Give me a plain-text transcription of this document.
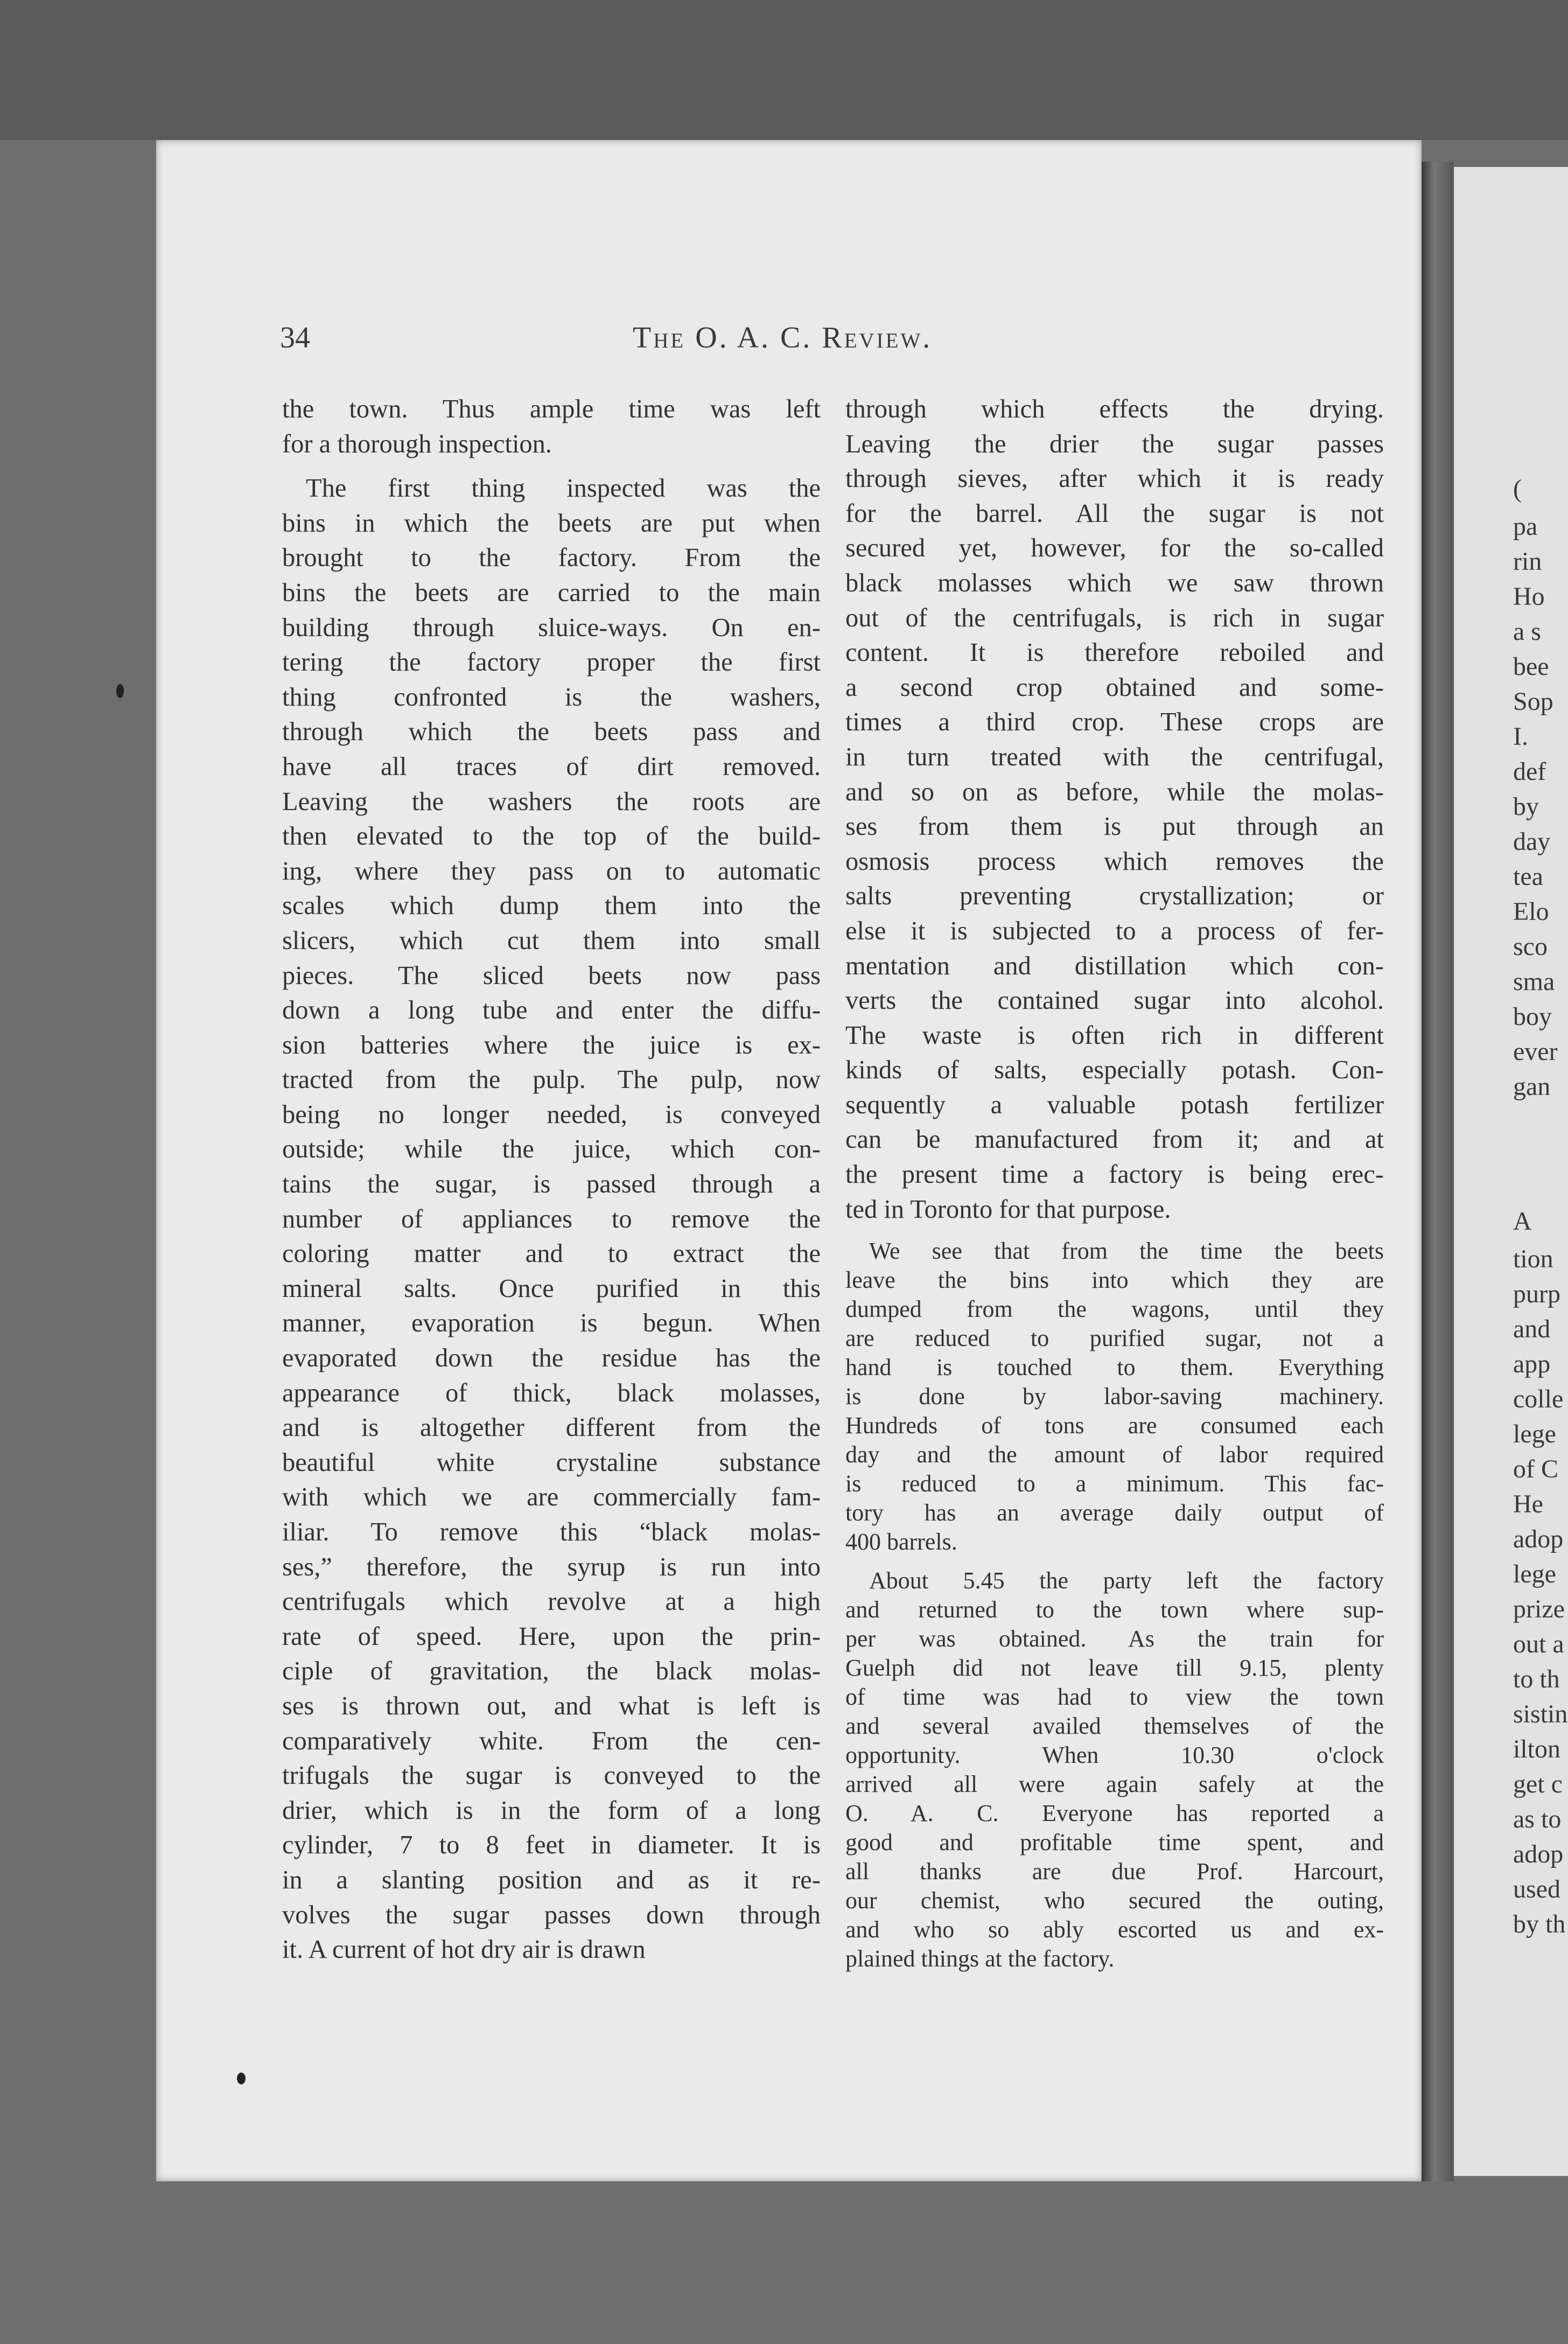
(
pa
rin
Ho
a s
bee
Sop
I.
def
by
day
tea
Elo
sco
sma
boy
ever
gan
A
tion
purp
and
app
colle
lege
of C
He
adop
lege
prize
out a
to th
sistin
ilton
get c
as to
adop
used
by th
34	The O. A. C. Review.
the town. Thus ample time was left
for a thorough inspection.
The first thing inspected was the
bins in which the beets are put when
brought to the factory. From the
bins the beets are carried to the main
building through sluice-ways. On en-
tering the factory proper the first
thing confronted is the washers,
through which the beets pass and
have all traces of dirt removed.
Leaving the washers the roots are
then elevated to the top of the build-
ing, where they pass on to automatic
scales which dump them into the
slicers, which cut them into small
pieces. The sliced beets now pass
down a long tube and enter the diffu-
sion batteries where the juice is ex-
tracted from the pulp. The pulp, now
being no longer needed, is conveyed
outside; while the juice, which con-
tains the sugar, is passed through a
number of appliances to remove the
coloring matter and to extract the
mineral salts. Once purified in this
manner, evaporation is begun. When
evaporated down the residue has the
appearance of thick, black molasses,
and is altogether different from the
beautiful white crystaline substance
with which we are commercially fam-
iliar. To remove this “black molas-
ses,” therefore, the syrup is run into
centrifugals which revolve at a high
rate of speed. Here, upon the prin-
ciple of gravitation, the black molas-
ses is thrown out, and what is left is
comparatively white. From the cen-
trifugals the sugar is conveyed to the
drier, which is in the form of a long
cylinder, 7 to 8 feet in diameter. It is
in a slanting position and as it re-
volves the sugar passes down through
it. A current of hot dry air is drawn
through which effects the drying.
Leaving the drier the sugar passes
through sieves, after which it is ready
for the barrel. All the sugar is not
secured yet, however, for the so-called
black molasses which we saw thrown
out of the centrifugals, is rich in sugar
content. It is therefore reboiled and
a second crop obtained and some-
times a third crop. These crops are
in turn treated with the centrifugal,
and so on as before, while the molas-
ses from them is put through an
osmosis process which removes the
salts preventing crystallization; or
else it is subjected to a process of fer-
mentation and distillation which con-
verts the contained sugar into alcohol.
The waste is often rich in different
kinds of salts, especially potash. Con-
sequently a valuable potash fertilizer
can be manufactured from it; and at
the present time a factory is being erec-
ted in Toronto for that purpose.
We see that from the time the beets
leave the bins into which they are
dumped from the wagons, until they
are reduced to purified sugar, not a
hand is touched to them. Everything
is done by labor-saving machinery.
Hundreds of tons are consumed each
day and the amount of labor required
is reduced to a minimum. This fac-
tory has an average daily output of
400 barrels.
About 5.45 the party left the factory
and returned to the town where sup-
per was obtained. As the train for
Guelph did not leave till 9.15, plenty
of time was had to view the town
and several availed themselves of the
opportunity. When 10.30 o'clock
arrived all were again safely at the
O. A. C. Everyone has reported a
good and profitable time spent, and
all thanks are due Prof. Harcourt,
our chemist, who secured the outing,
and who so ably escorted us and ex-
plained things at the factory.
